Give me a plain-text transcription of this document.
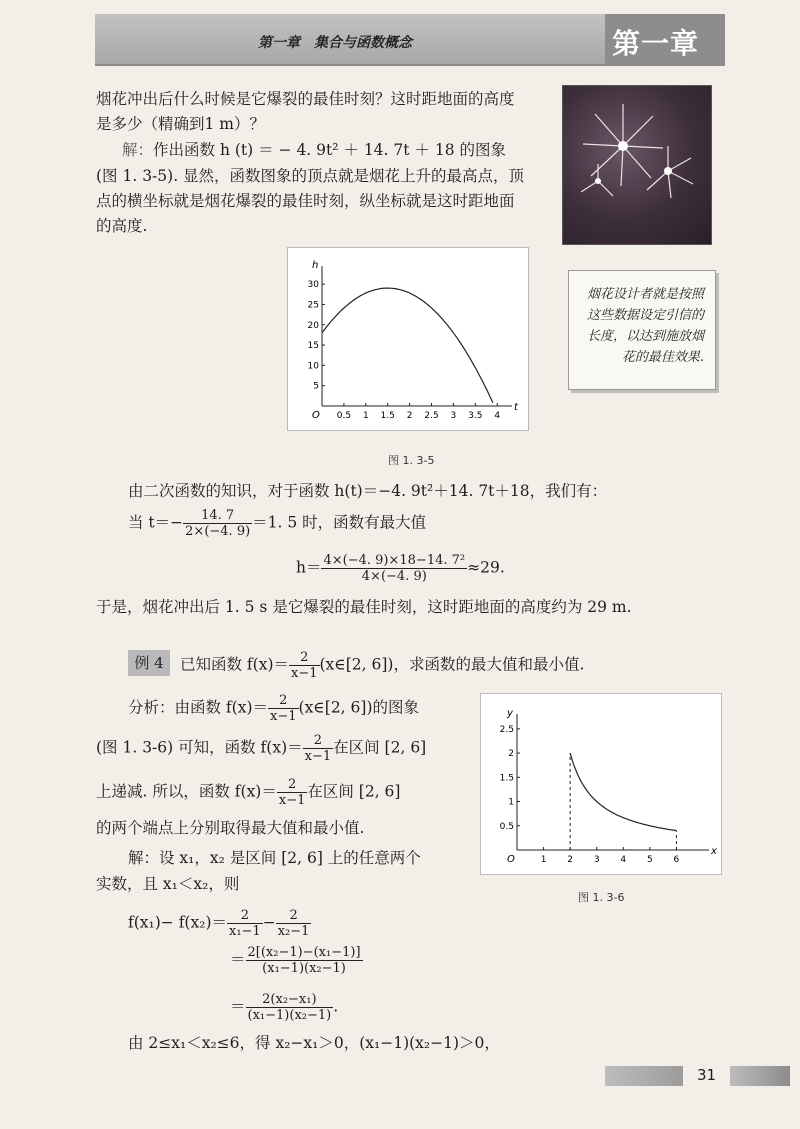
第一章　集合与函数概念	第一章
烟花冲出后什么时候是它爆裂的最佳时刻？这时距地面的高度
是多少（精确到1 m）？
解：作出函数 h (t) ＝ − 4. 9t² ＋ 14. 7t ＋ 18 的图象
(图 1. 3-5). 显然，函数图象的顶点就是烟花上升的最高点，顶
点的横坐标就是烟花爆裂的最佳时刻，纵坐标就是这时距地面
的高度.
t
h
O 0.5 1 1.5 2 2.5 3 3.5 4
5
10
15
20
25
30
图 1. 3-5
烟花设计者就是按照这些数据设定引信的长度，以达到施放烟花的最佳效果.
由二次函数的知识，对于函数 h(t)＝−4. 9t²＋14. 7t＋18，我们有：
当 $t=- \frac{14. 7}{2\times(-4. 9)} =1$. 5 时，函数有最大值
$h= \frac{\text{4×(−4. 9)×18−14. 7²}}{4\times(-4. 9)} \approx 29$.
于是，烟花冲出后 1. 5 s 是它爆裂的最佳时刻，这时距地面的高度约为 29 m.
例 4	已知函数 $f(x)= \frac{2}{x-1}$ (x∈[2, 6])，求函数的最大值和最小值.
分析：由函数 $f(x)= \frac{2}{x-1}$ (x∈[2, 6])的图象
(图 1. 3-6) 可知，函数 $f(x)= \frac{2}{x-1}$ 在区间 [2, 6]
上递减. 所以，函数 $f(x)= \frac{2}{x-1}$ 在区间 [2, 6]
的两个端点上分别取得最大值和最小值.
x
y
O	1 2 3 4 5 6
0.5
1
1.5
2
2.5
图 1. 3-6
解：设 x₁，x₂ 是区间 [2, 6] 上的任意两个
实数，且 x₁＜x₂，则
$f(x_1)- f(x_2)= \frac{2}{\text{x₁−1}} - \frac{2}{\text{x₂−1}}$
＝ $\frac{\text{2[(x₂−1)−(x₁−1)]}}{\text{(x₁−1)(x₂−1)}}$
＝ $\frac{\text{2(x₂−x₁)}}{\text{(x₁−1)(x₂−1)}}$ .
由 2≤x₁＜x₂≤6，得 x₂−x₁＞0，(x₁−1)(x₂−1)＞0，
31
